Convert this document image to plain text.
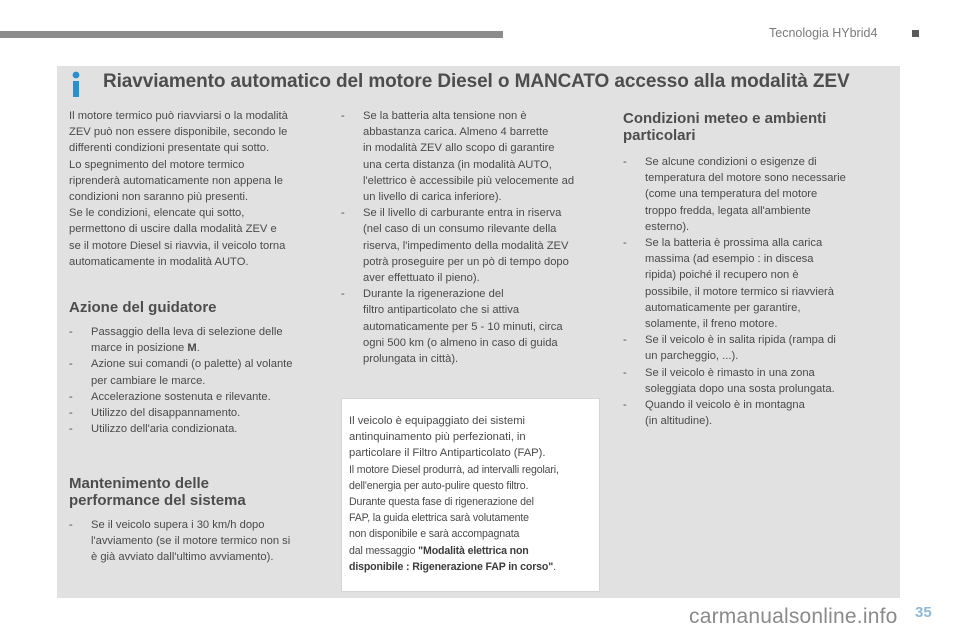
Tecnologia HYbrid4
Riavviamento automatico del motore Diesel o MANCATO accesso alla modalità ZEV

Il motore termico può riavviarsi o la modalità

ZEV può non essere disponibile, secondo le

differenti condizioni presentate qui sotto.

Lo spegnimento del motore termico

riprenderà automaticamente non appena le

condizioni non saranno più presenti.

Se le condizioni, elencate qui sotto,

permettono di uscire dalla modalità ZEV e

se il motore Diesel si riavvia, il veicolo torna

automaticamente in modalità AUTO.

Azione del guidatore
- Passaggio della leva di selezione delle
marce in posizione M.
- Azione sui comandi (o palette) al volante
per cambiare le marce.
- Accelerazione sostenuta e rilevante.
- Utilizzo del disappannamento.
- Utilizzo dell'aria condizionata.
Mantenimento delle
performance del sistema
- Se il veicolo supera i 30 km/h dopo
l'avviamento (se il motore termico non si
è già avviato dall'ultimo avviamento).
- Se la batteria alta tensione non è
abbastanza carica. Almeno 4 barrette
in modalità ZEV allo scopo di garantire
una certa distanza (in modalità AUTO,
l'elettrico è accessibile più velocemente ad
un livello di carica inferiore).
- Se il livello di carburante entra in riserva
(nel caso di un consumo rilevante della
riserva, l'impedimento della modalità ZEV
potrà proseguire per un pò di tempo dopo
aver effettuato il pieno).
- Durante la rigenerazione del
filtro antiparticolato che si attiva
automaticamente per 5 - 10 minuti, circa
ogni 500 km (o almeno in caso di guida
prolungata in città).
Il veicolo è equipaggiato dei sistemi
antinquinamento più perfezionati, in
particolare il Filtro Antiparticolato (FAP).
Il motore Diesel produrrà, ad intervalli regolari,
dell'energia per auto-pulire questo filtro.
Durante questa fase di rigenerazione del
FAP, la guida elettrica sarà volutamente
non disponibile e sarà accompagnata
dal messaggio "Modalità elettrica non
disponibile : Rigenerazione FAP in corso".
Condizioni meteo e ambienti
particolari
- Se alcune condizioni o esigenze di
temperatura del motore sono necessarie
(come una temperatura del motore
troppo fredda, legata all'ambiente
esterno).
- Se la batteria è prossima alla carica
massima (ad esempio : in discesa
ripida) poiché il recupero non è
possibile, il motore termico si riavvierà
automaticamente per garantire,
solamente, il freno motore.
- Se il veicolo è in salita ripida (rampa di
un parcheggio, ...).
- Se il veicolo è rimasto in una zona
soleggiata dopo una sosta prolungata.
- Quando il veicolo è in montagna
(in altitudine).
35
carmanualsonline.info
